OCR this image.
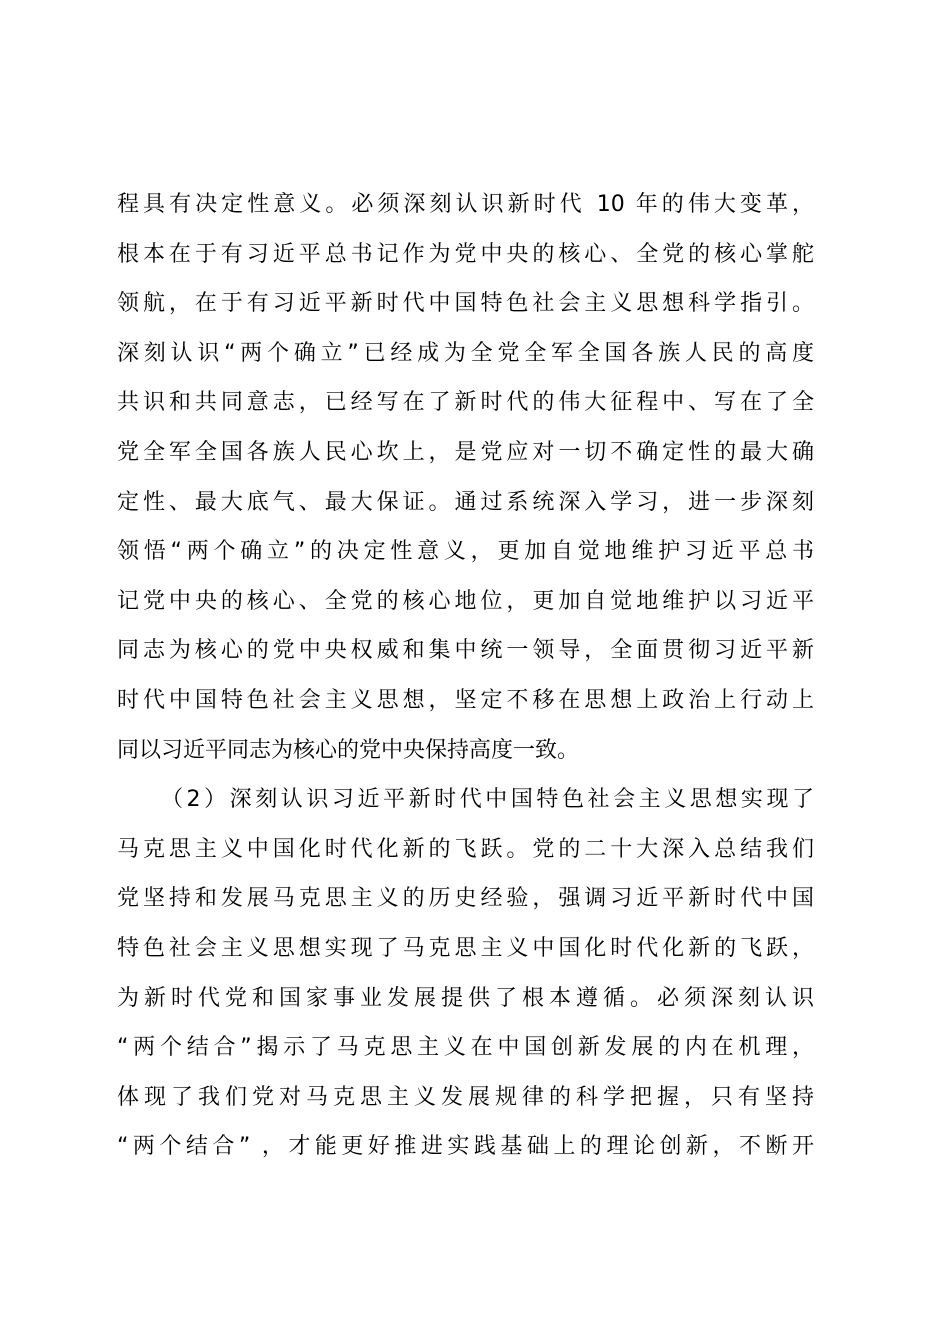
程具有决定性意义。必须深刻认识新时代 10 年的伟大变革，
根本在于有习近平总书记作为党中央的核心、全党的核心掌舵
领航，在于有习近平新时代中国特色社会主义思想科学指引。
深刻认识“两个确立”已经成为全党全军全国各族人民的高度
共识和共同意志，已经写在了新时代的伟大征程中、写在了全
党全军全国各族人民心坎上，是党应对一切不确定性的最大确
定性、最大底气、最大保证。通过系统深入学习，进一步深刻
领悟“两个确立”的决定性意义，更加自觉地维护习近平总书
记党中央的核心、全党的核心地位，更加自觉地维护以习近平
同志为核心的党中央权威和集中统一领导，全面贯彻习近平新
时代中国特色社会主义思想，坚定不移在思想上政治上行动上
同以习近平同志为核心的党中央保持高度一致。
（2）深刻认识习近平新时代中国特色社会主义思想实现了
马克思主义中国化时代化新的飞跃。党的二十大深入总结我们
党坚持和发展马克思主义的历史经验，强调习近平新时代中国
特色社会主义思想实现了马克思主义中国化时代化新的飞跃，
为新时代党和国家事业发展提供了根本遵循。必须深刻认识
“两个结合”揭示了马克思主义在中国创新发展的内在机理，
体现了我们党对马克思主义发展规律的科学把握，只有坚持
“两个结合” ，才能更好推进实践基础上的理论创新，不断开
